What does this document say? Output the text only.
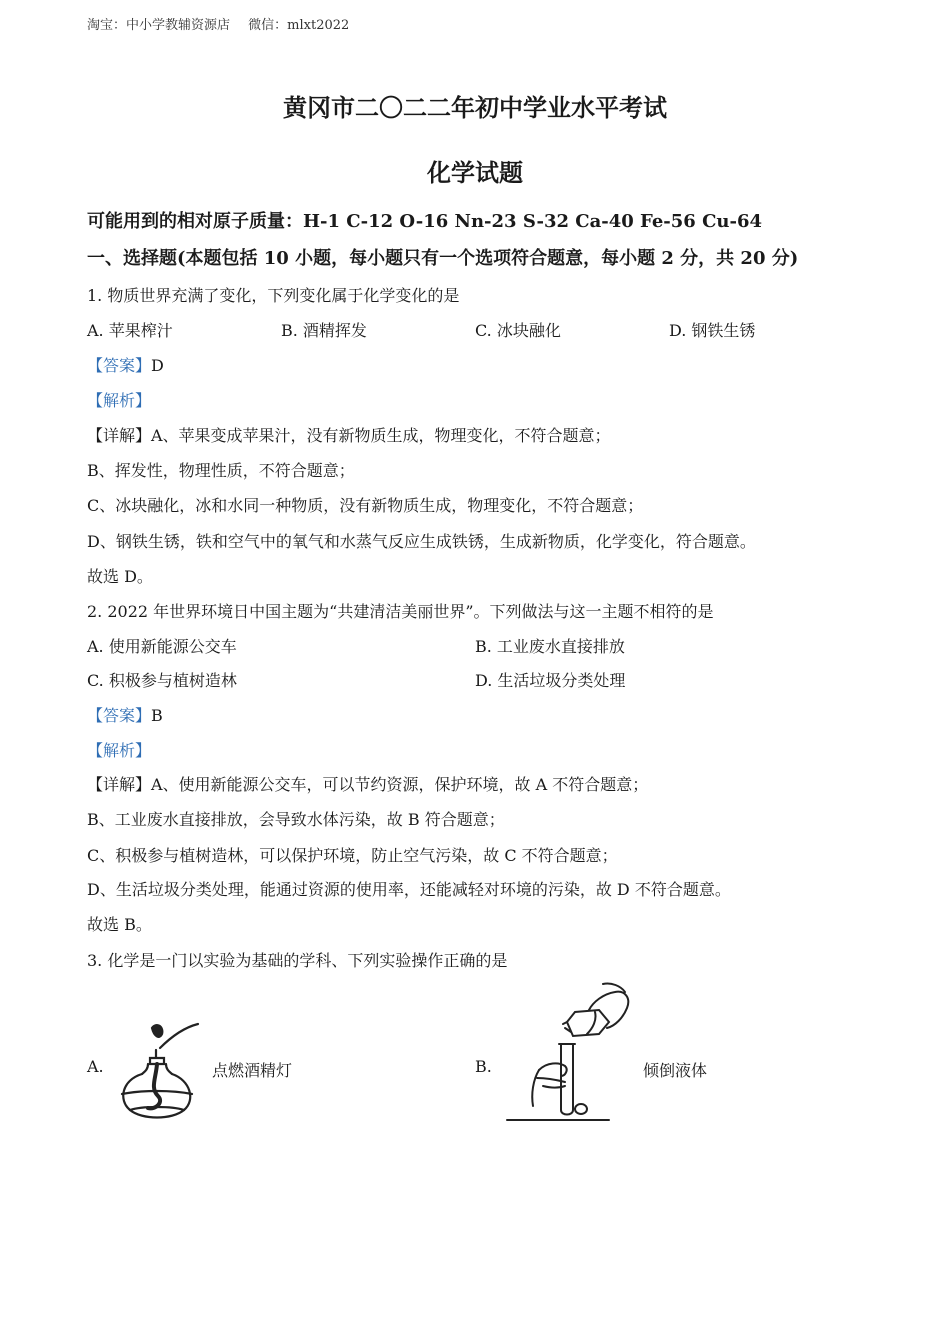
淘宝：中小学教辅资源店 微信：mlxt2022
黄冈市二〇二二年初中学业水平考试
化学试题
可能用到的相对原子质量：H-1 C-12 O-16 Nn-23 S-32 Ca-40 Fe-56 Cu-64
一、选择题(本题包括 10 小题，每小题只有一个选项符合题意，每小题 2 分，共 20 分)
1. 物质世界充满了变化，下列变化属于化学变化的是
A. 苹果榨汁	B. 酒精挥发	C. 冰块融化	D. 钢铁生锈
【答案】D
【解析】
【详解】A、苹果变成苹果汁，没有新物质生成，物理变化，不符合题意；
B、挥发性，物理性质，不符合题意；
C、冰块融化，冰和水同一种物质，没有新物质生成，物理变化，不符合题意；
D、钢铁生锈，铁和空气中的氧气和水蒸气反应生成铁锈，生成新物质，化学变化，符合题意。
故选 D。
2. 2022 年世界环境日中国主题为“共建清洁美丽世界”。下列做法与这一主题不相符的是
A. 使用新能源公交车	B. 工业废水直接排放
C. 积极参与植树造林	D. 生活垃圾分类处理
【答案】B
【解析】
【详解】A、使用新能源公交车，可以节约资源，保护环境，故 A 不符合题意；
B、工业废水直接排放，会导致水体污染，故 B 符合题意；
C、积极参与植树造林，可以保护环境，防止空气污染，故 C 不符合题意；
D、生活垃圾分类处理，能通过资源的使用率，还能减轻对环境的污染，故 D 不符合题意。
故选 B。
3. 化学是一门以实验为基础的学科、下列实验操作正确的是
A.	点燃酒精灯	B.	倾倒液体
